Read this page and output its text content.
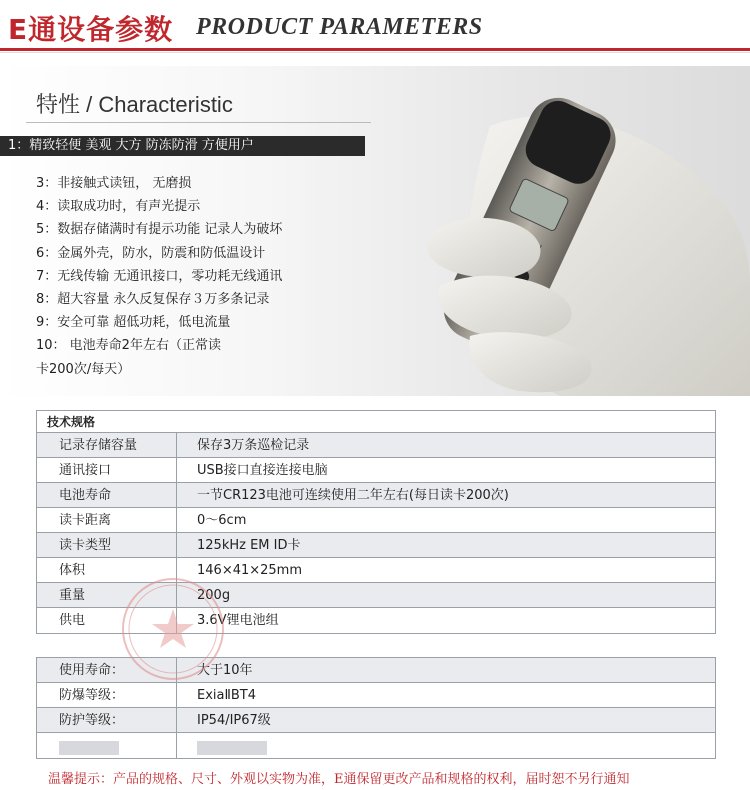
E通设备参数 PRODUCT PARAMETERS
特性 / Characteristic
1：精致轻便 美观 大方 防冻防滑 方便用户
3：非接触式读钮， 无磨损
4：读取成功时，有声光提示
5：数据存储满时有提示功能 记录人为破坏
6：金属外壳，防水，防震和防低温设计
7：无线传输 无通讯接口，零功耗无线通讯
8：超大容量 永久反复保存３万多条记录
9：安全可靠 超低功耗，低电流量
10： 电池寿命2年左右（正常读
卡200次/每天）
技术规格
记录存储容量	保存3万条巡检记录
通讯接口	USB接口直接连接电脑
电池寿命	一节CR123电池可连续使用二年左右(每日读卡200次)
读卡距离	0～6cm
读卡类型	125kHz EM ID卡
体积	146×41×25mm
重量	200g
供电	3.6V锂电池组
使用寿命：	大于10年
防爆等级：	ExiaⅡBT4
防护等级：	IP54/IP67级
温馨提示：产品的规格、尺寸、外观以实物为准，E通保留更改产品和规格的权利，届时恕不另行通知
